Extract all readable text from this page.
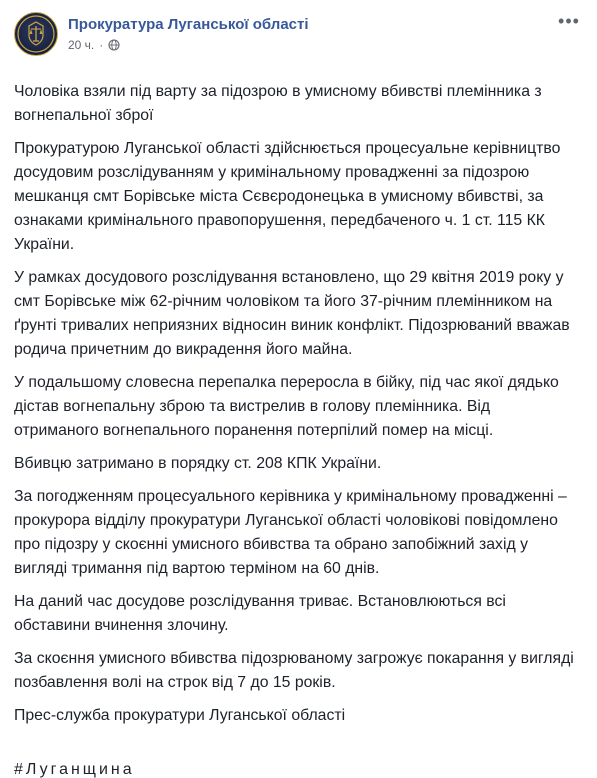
Прокуратура Луганської області
20 ч. ·
•••

Чоловіка взяли під варту за підозрою в умисному вбивстві племінника з вогнепальної зброї

Прокуратурою Луганської області здійснюється процесуальне керівництво досудовим розслідуванням у кримінальному провадженні за підозрою мешканця смт Борівське міста Сєвєродонецька в умисному вбивстві, за ознаками кримінального правопорушення, передбаченого ч. 1 ст. 115 КК України.

У рамках досудового розслідування встановлено, що 29 квітня 2019 року у смт Борівське між 62-річним чоловіком та його 37-річним племінником на ґрунті тривалих неприязних відносин виник конфлікт. Підозрюваний вважав родича причетним до викрадення його майна.

У подальшому словесна перепалка переросла в бійку, під час якої дядько дістав вогнепальну зброю та вистрелив в голову племінника. Від отриманого вогнепального поранення потерпілий помер на місці.

Вбивцю затримано в порядку ст. 208 КПК України.

За погодженням процесуального керівника у кримінальному провадженні – прокурора відділу прокуратури Луганської області чоловікові повідомлено про підозру у скоєнні умисного вбивства та обрано запобіжний захід у вигляді тримання під вартою терміном на 60 днів.

На даний час досудове розслідування триває. Встановлюються всі обставини вчинення злочину.

За скоєння умисного вбивства підозрюваному загрожує покарання у вигляді позбавлення волі на строк від 7 до 15 років.

Прес-служба прокуратури Луганської області

#Луганщина
